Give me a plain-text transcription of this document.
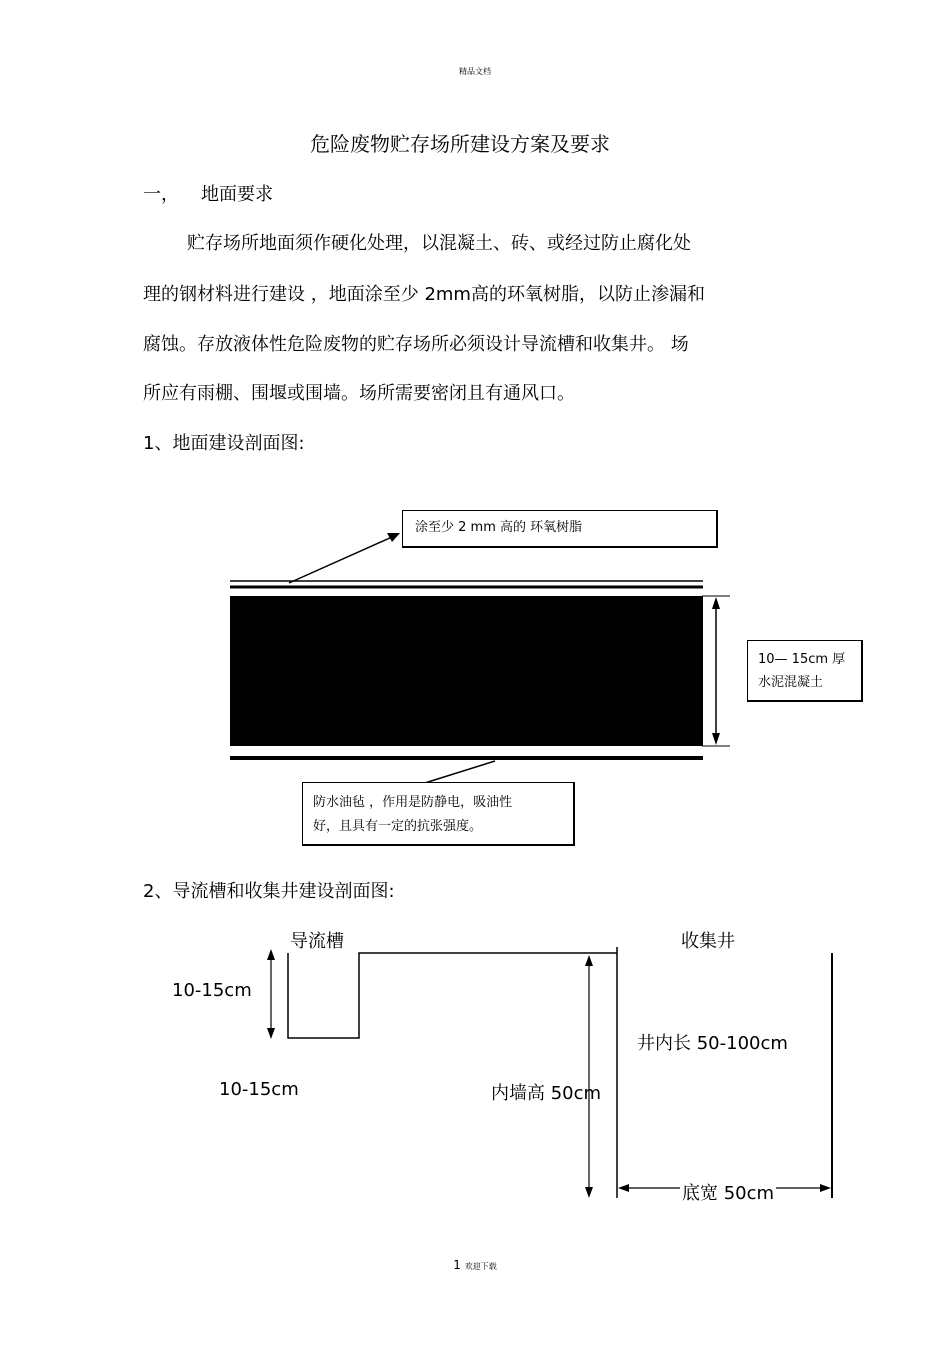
精品文档
危险废物贮存场所建设方案及要求
一， 地面要求
贮存场所地面须作硬化处理，以混凝土、砖、或经过防止腐化处
理的钢材料进行建设 ，地面涂至少 2mm高的环氧树脂，以防止渗漏和
腐蚀。存放液体性危险废物的贮存场所必须设计导流槽和收集井。 场
所应有雨棚、围堰或围墙。场所需要密闭且有通风口。
1、地面建设剖面图:
涂至少 2 mm 高的 环氧树脂
10— 15cm 厚
水泥混凝土
防水油毡 ，作用是防静电，吸油性
好，且具有一定的抗张强度。
2、导流槽和收集井建设剖面图:
导流槽	收集井
10-15cm
10-15cm	内墙高 50cm
井内长 50-100cm
底宽 50cm
1 欢迎下载
